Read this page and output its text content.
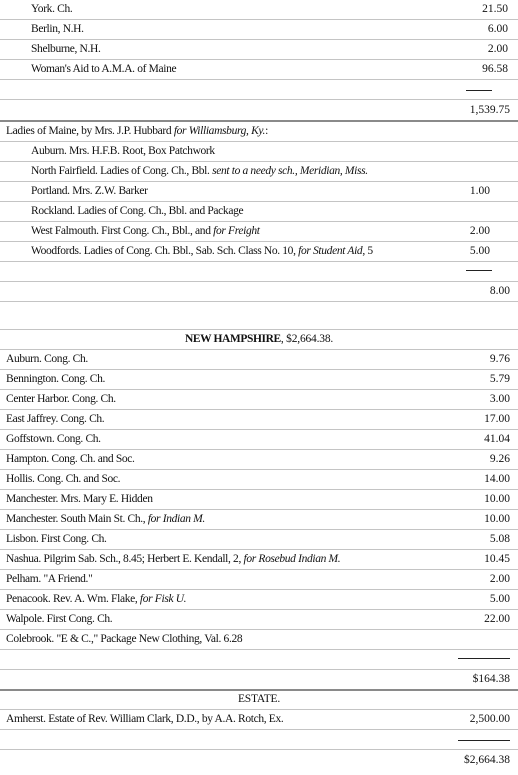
York. Ch.	21.50
Berlin, N.H.	6.00
Shelburne, N.H.	2.00
Woman's Aid to A.M.A. of Maine	96.58
1,539.75
Ladies of Maine, by Mrs. J.P. Hubbard for Williamsburg, Ky.:
Auburn. Mrs. H.F.B. Root, Box Patchwork
North Fairfield. Ladies of Cong. Ch., Bbl. sent to a needy sch., Meridian, Miss.
Portland. Mrs. Z.W. Barker	1.00
Rockland. Ladies of Cong. Ch., Bbl. and Package
West Falmouth. First Cong. Ch., Bbl., and for Freight	2.00
Woodfords. Ladies of Cong. Ch. Bbl., Sab. Sch. Class No. 10, for Student Aid, 5	5.00
8.00
NEW HAMPSHIRE, $2,664.38.
Auburn. Cong. Ch.	9.76
Bennington. Cong. Ch.	5.79
Center Harbor. Cong. Ch.	3.00
East Jaffrey. Cong. Ch.	17.00
Goffstown. Cong. Ch.	41.04
Hampton. Cong. Ch. and Soc.	9.26
Hollis. Cong. Ch. and Soc.	14.00
Manchester. Mrs. Mary E. Hidden	10.00
Manchester. South Main St. Ch., for Indian M.	10.00
Lisbon. First Cong. Ch.	5.08
Nashua. Pilgrim Sab. Sch., 8.45; Herbert E. Kendall, 2, for Rosebud Indian M.	10.45
Pelham. "A Friend."	2.00
Penacook. Rev. A. Wm. Flake, for Fisk U.	5.00
Walpole. First Cong. Ch.	22.00
Colebrook. "E & C.," Package New Clothing, Val. 6.28
$164.38
ESTATE.
Amherst. Estate of Rev. William Clark, D.D., by A.A. Rotch, Ex.	2,500.00
$2,664.38
